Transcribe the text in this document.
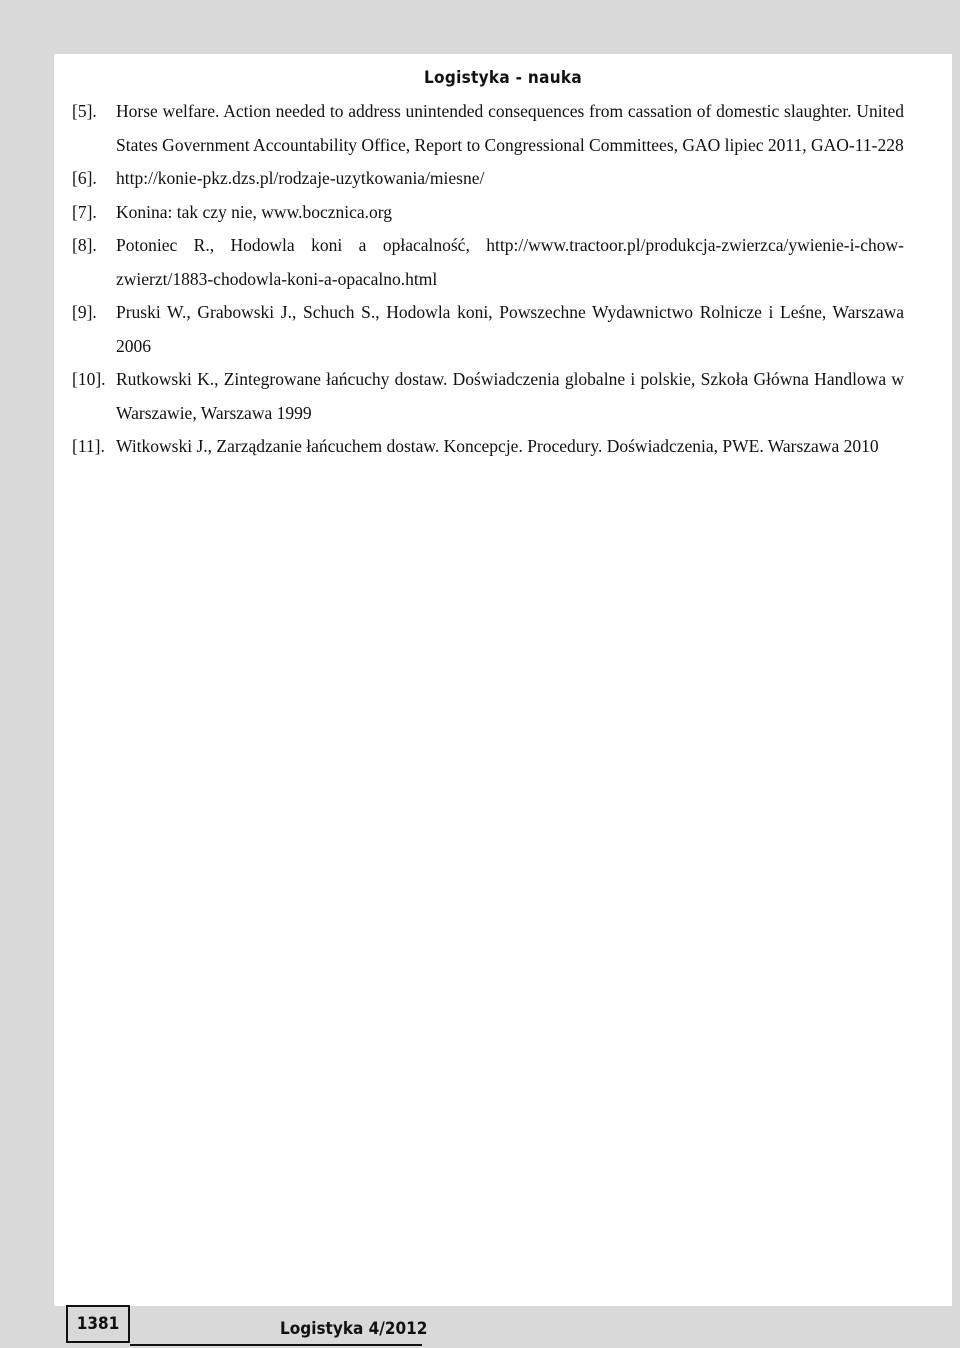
Logistyka - nauka
[5]. Horse welfare. Action needed to address unintended consequences from cassation of domestic slaughter. United States Government Accountability Office, Report to Congressional Committees, GAO lipiec 2011, GAO-11-228
[6]. http://konie-pkz.dzs.pl/rodzaje-uzytkowania/miesne/
[7]. Konina: tak czy nie, www.bocznica.org
[8]. Potoniec R., Hodowla koni a opłacalność, http://www.tractoor.pl/produkcja-zwierzca/ywienie-i-chow-zwierzt/1883-chodowla-koni-a-opacalno.html
[9]. Pruski W., Grabowski J., Schuch S., Hodowla koni, Powszechne Wydawnictwo Rolnicze i Leśne, Warszawa 2006
[10]. Rutkowski K., Zintegrowane łańcuchy dostaw. Doświadczenia globalne i polskie, Szkoła Główna Handlowa w Warszawie, Warszawa 1999
[11]. Witkowski J., Zarządzanie łańcuchem dostaw. Koncepcje. Procedury. Doświadczenia, PWE. Warszawa 2010
1381	Logistyka 4/2012
